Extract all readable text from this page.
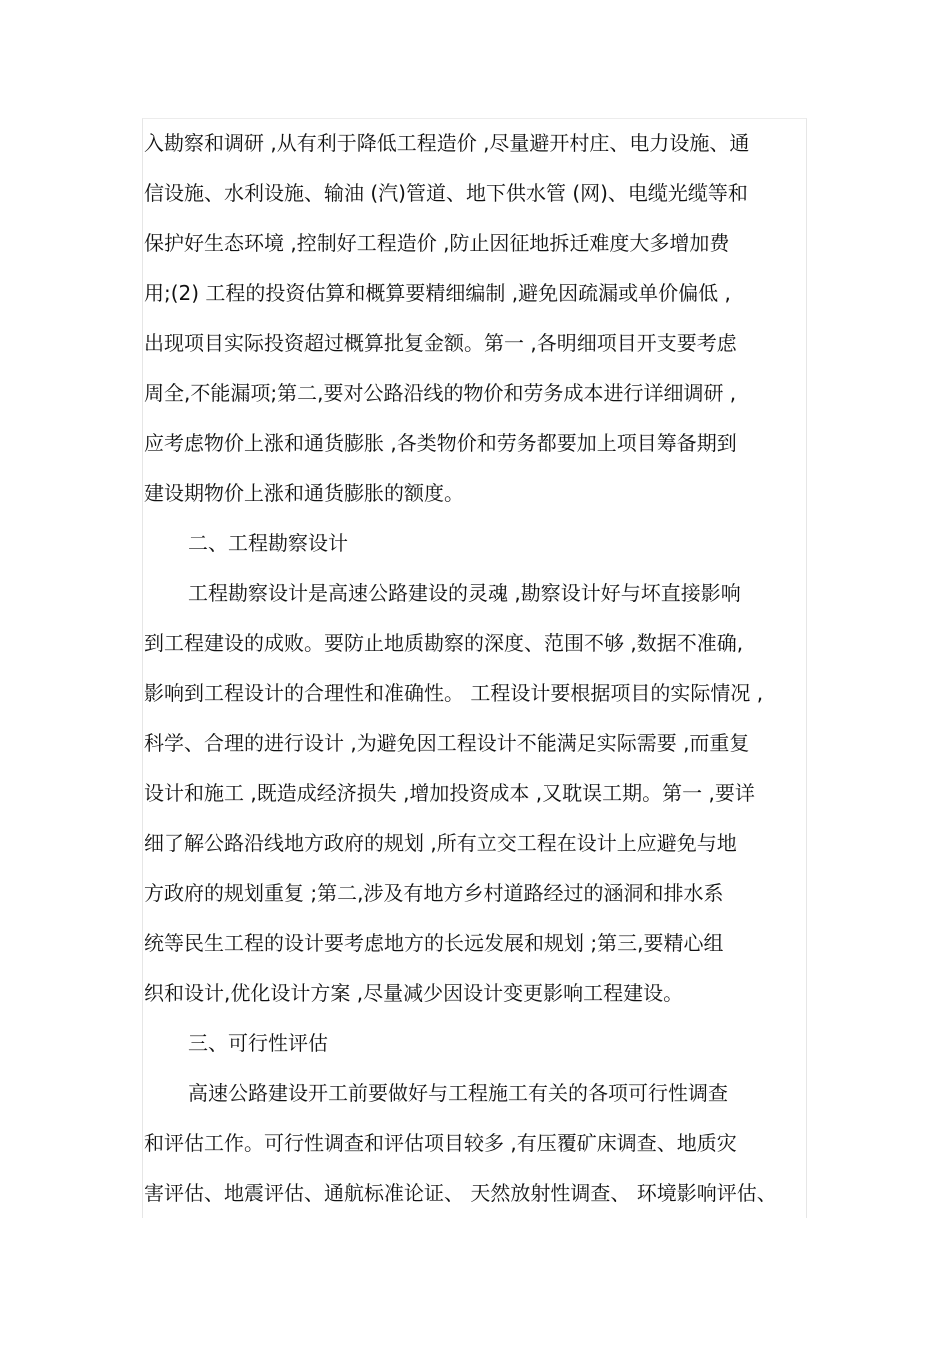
入勘察和调研 ,从有利于降低工程造价 ,尽量避开村庄、电力设施、通
信设施、水利设施、输油 (汽)管道、地下供水管 (网)、电缆光缆等和
保护好生态环境 ,控制好工程造价 ,防止因征地拆迁难度大多增加费
用;(2) 工程的投资估算和概算要精细编制 ,避免因疏漏或单价偏低 ,
出现项目实际投资超过概算批复金额。第一 ,各明细项目开支要考虑
周全,不能漏项;第二,要对公路沿线的物价和劳务成本进行详细调研 ,
应考虑物价上涨和通货膨胀 ,各类物价和劳务都要加上项目筹备期到
建设期物价上涨和通货膨胀的额度。
二、工程勘察设计
工程勘察设计是高速公路建设的灵魂 ,勘察设计好与坏直接影响
到工程建设的成败。要防止地质勘察的深度、范围不够 ,数据不准确,
影响到工程设计的合理性和准确性。 工程设计要根据项目的实际情况 ,
科学、合理的进行设计 ,为避免因工程设计不能满足实际需要 ,而重复
设计和施工 ,既造成经济损失 ,增加投资成本 ,又耽误工期。第一 ,要详
细了解公路沿线地方政府的规划 ,所有立交工程在设计上应避免与地
方政府的规划重复 ;第二,涉及有地方乡村道路经过的涵洞和排水系
统等民生工程的设计要考虑地方的长远发展和规划 ;第三,要精心组
织和设计,优化设计方案 ,尽量减少因设计变更影响工程建设。
三、可行性评估
高速公路建设开工前要做好与工程施工有关的各项可行性调查
和评估工作。可行性调查和评估项目较多 ,有压覆矿床调查、地质灾
害评估、地震评估、通航标准论证、 天然放射性调查、 环境影响评估、
